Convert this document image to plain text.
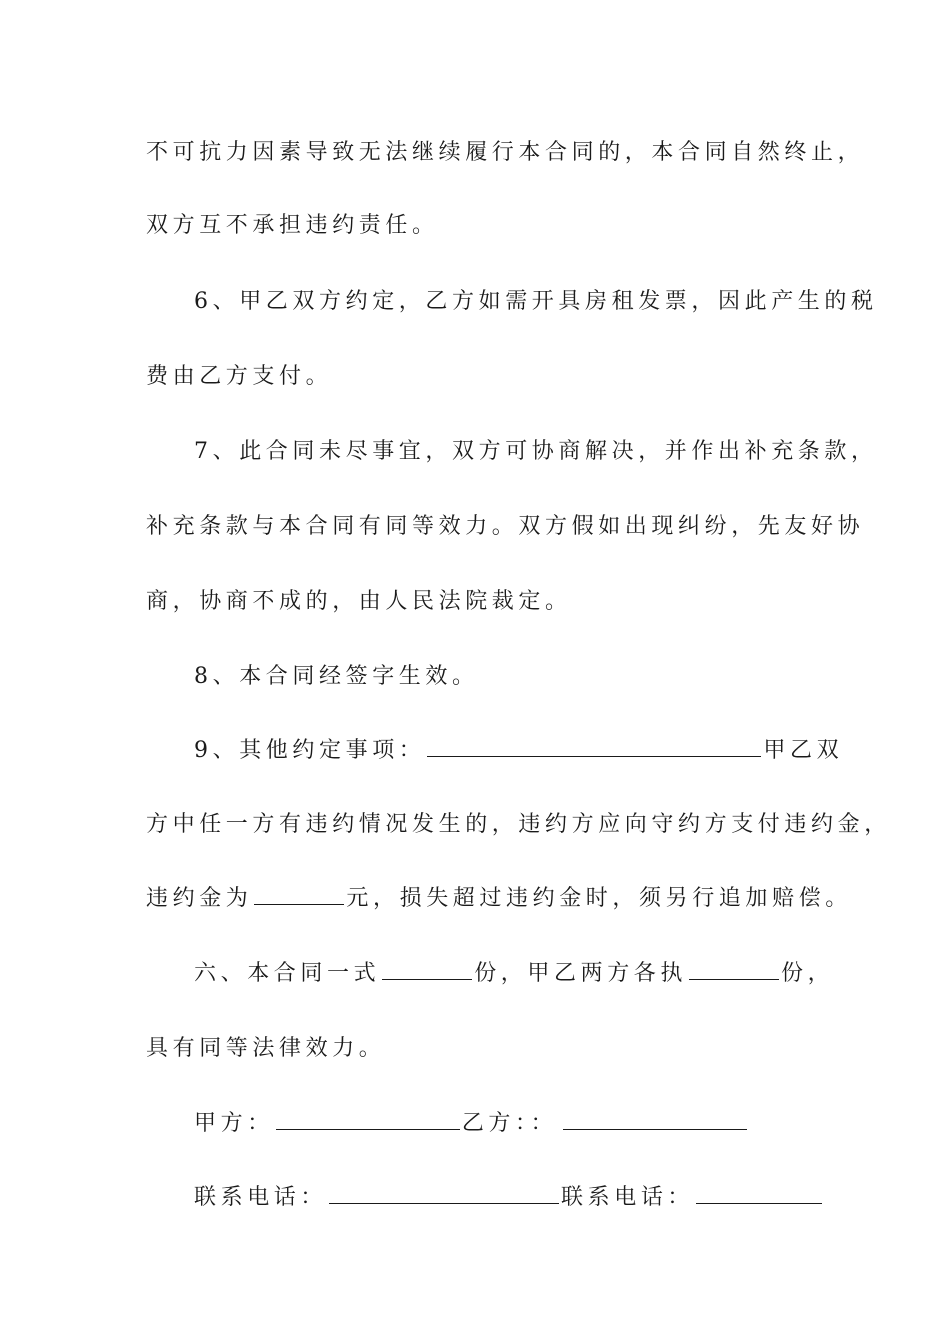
不可抗力因素导致无法继续履行本合同的，本合同自然终止，
双方互不承担违约责任。
6、甲乙双方约定，乙方如需开具房租发票，因此产生的税
费由乙方支付。
7、此合同未尽事宜，双方可协商解决，并作出补充条款，
补充条款与本合同有同等效力。双方假如出现纠纷，先友好协
商，协商不成的，由人民法院裁定。
8、本合同经签字生效。
9、其他约定事项：	甲乙双
方中任一方有违约情况发生的，违约方应向守约方支付违约金，
违约金为	元，损失超过违约金时，须另行追加赔偿。
六、本合同一式	份，甲乙两方各执	份，
具有同等法律效力。
甲方：	乙方：：
联系电话：	联系电话：
